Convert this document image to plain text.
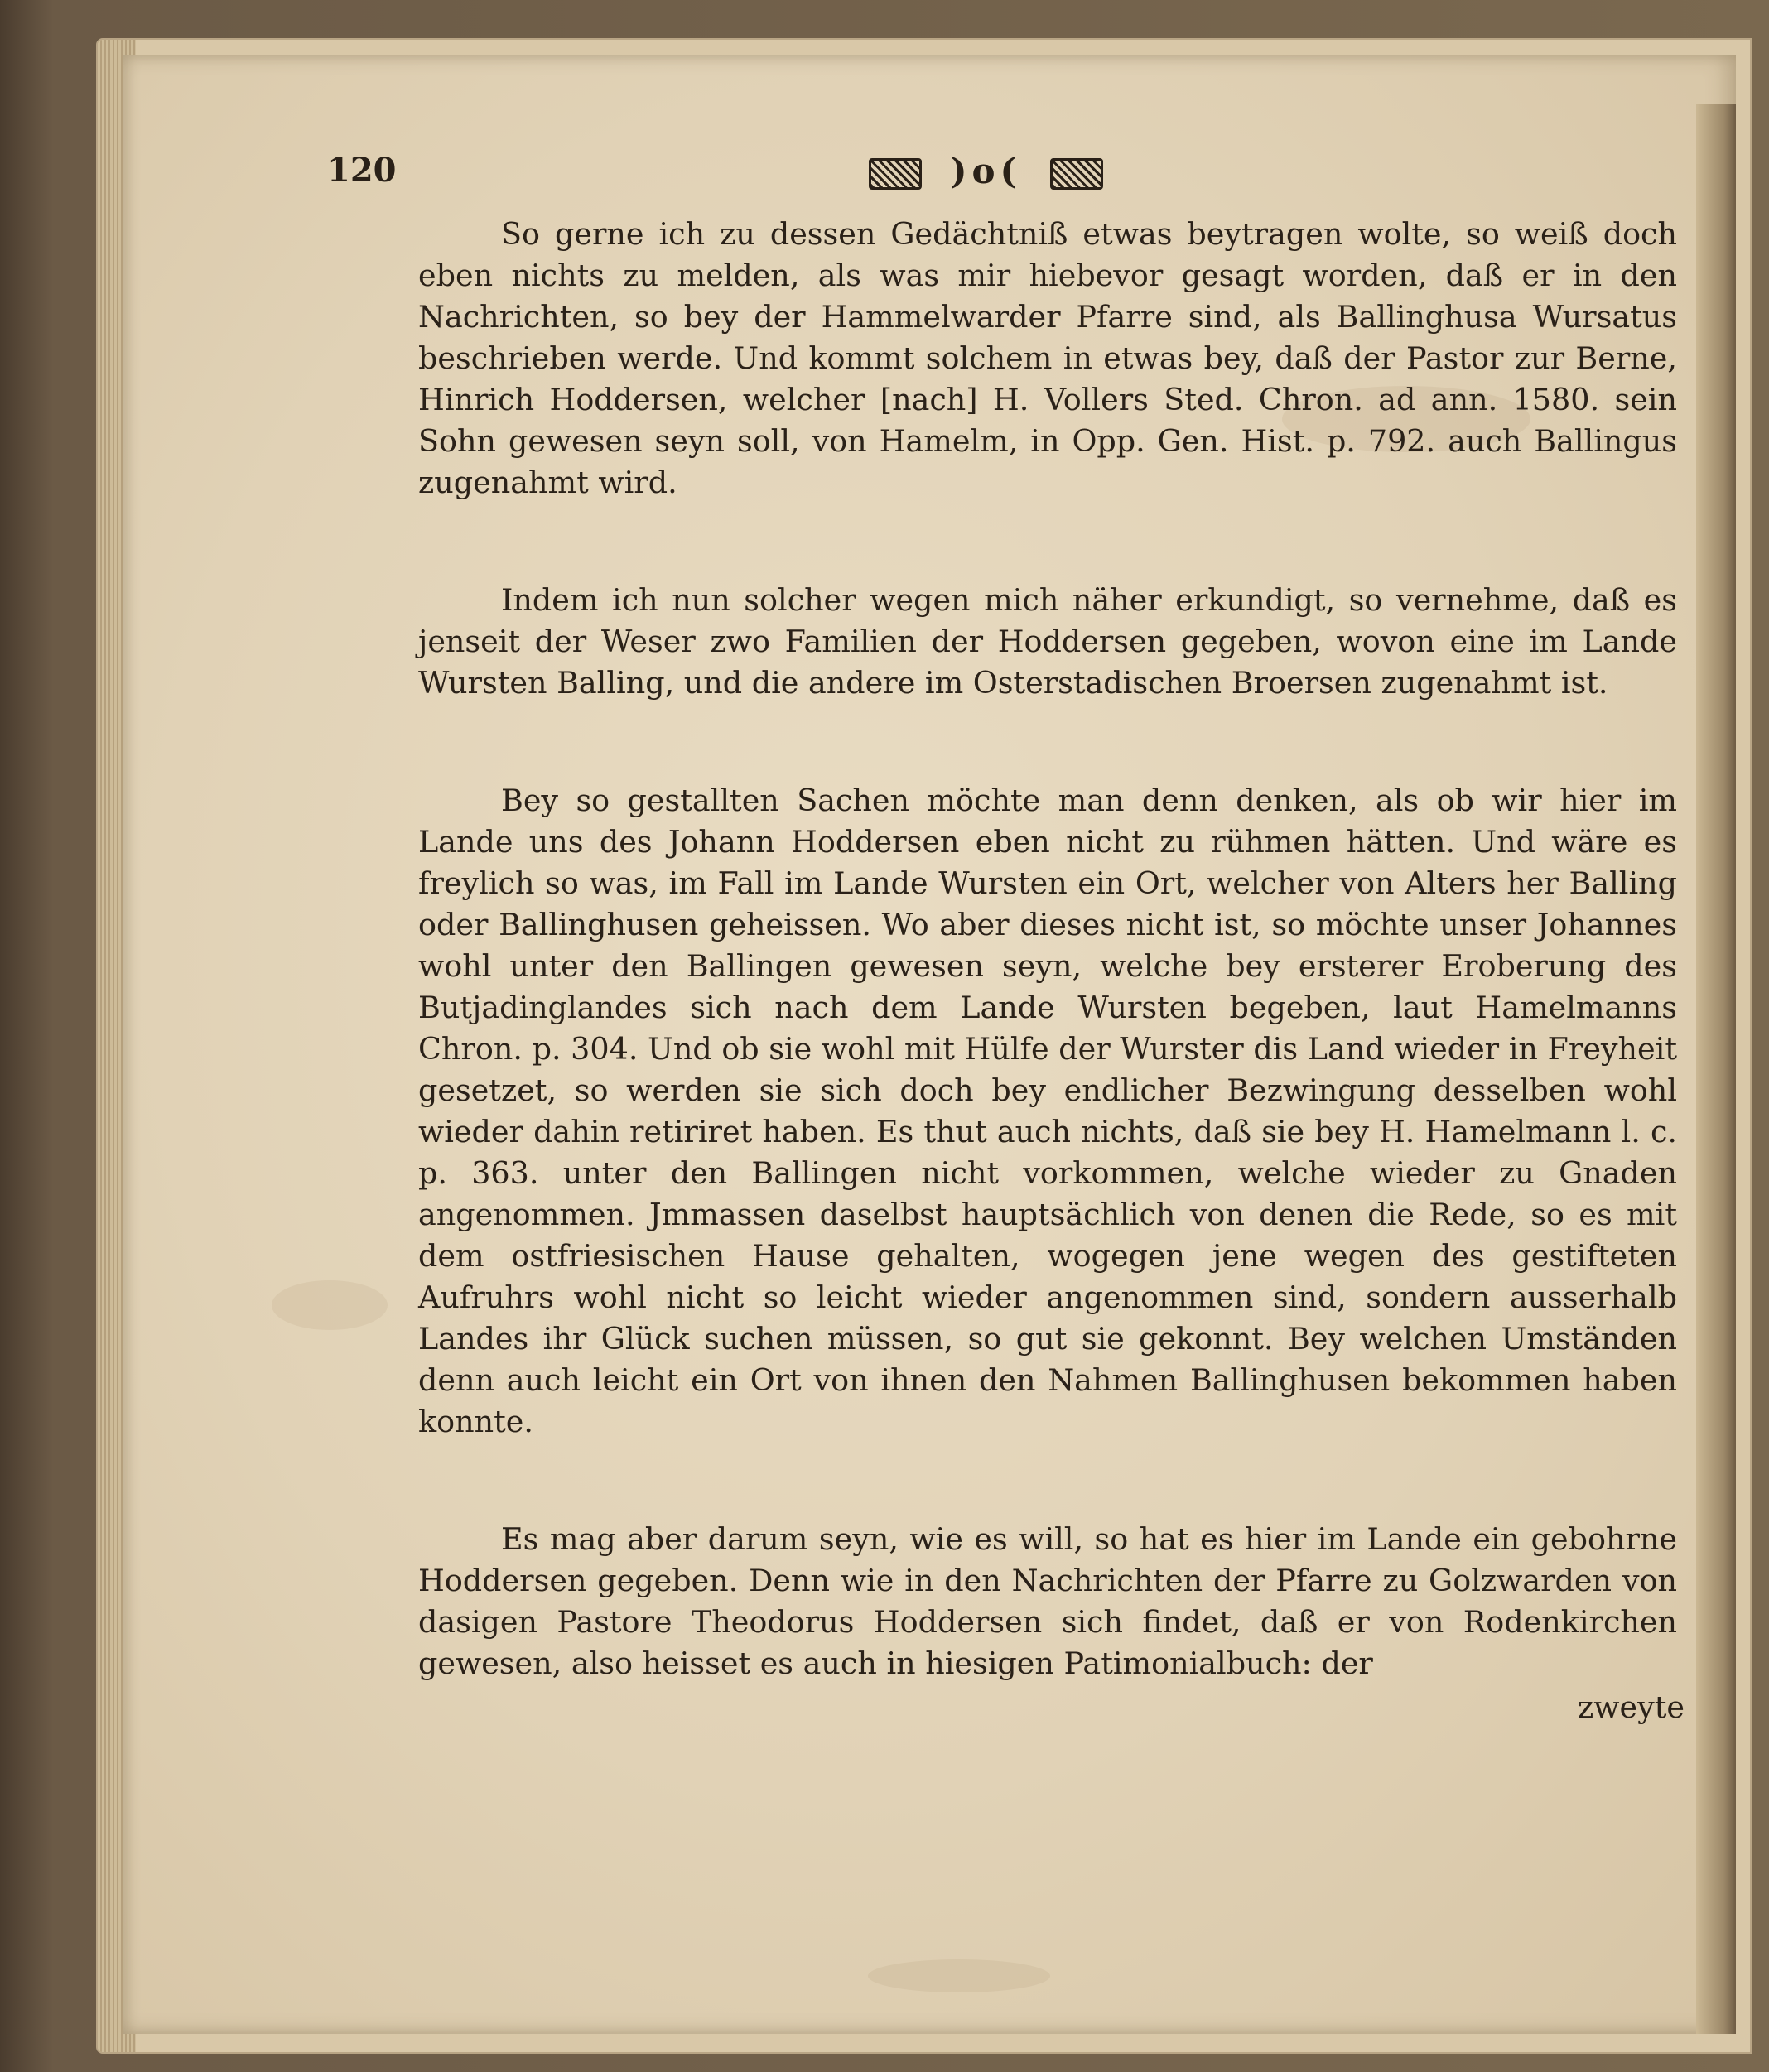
120	)o(

So gerne ich zu dessen Gedächtniß etwas beytragen wolte, so weiß doch eben nichts zu melden, als was mir hiebevor gesagt worden, daß er in den Nachrichten, so bey der Hammelwarder Pfarre sind, als Ballinghusa Wursatus beschrieben werde. Und kommt solchem in etwas bey, daß der Pastor zur Berne, Hinrich Hoddersen, welcher [nach] H. Vollers Sted. Chron. ad ann. 1580. sein Sohn gewesen seyn soll, von Hamelm, in Opp. Gen. Hist. p. 792. auch Ballingus zugenahmt wird.

Indem ich nun solcher wegen mich näher erkundigt, so vernehme, daß es jenseit der Weser zwo Familien der Hoddersen gegeben, wovon eine im Lande Wursten Balling, und die andere im Osterstadischen Broersen zugenahmt ist.

Bey so gestallten Sachen möchte man denn denken, als ob wir hier im Lande uns des Johann Hoddersen eben nicht zu rühmen hätten. Und wäre es freylich so was, im Fall im Lande Wursten ein Ort, welcher von Alters her Balling oder Ballinghusen geheissen. Wo aber dieses nicht ist, so möchte unser Johannes wohl unter den Ballingen gewesen seyn, welche bey ersterer Eroberung des Butjadinglandes sich nach dem Lande Wursten begeben, laut Hamelmanns Chron. p. 304. Und ob sie wohl mit Hülfe der Wurster dis Land wieder in Freyheit gesetzet, so werden sie sich doch bey endlicher Bezwingung desselben wohl wieder dahin retiriret haben. Es thut auch nichts, daß sie bey H. Hamelmann l. c. p. 363. unter den Ballingen nicht vorkommen, welche wieder zu Gnaden angenommen. Jmmassen daselbst hauptsächlich von denen die Rede, so es mit dem ostfriesischen Hause gehalten, wogegen jene wegen des gestifteten Aufruhrs wohl nicht so leicht wieder angenommen sind, sondern ausserhalb Landes ihr Glück suchen müssen, so gut sie gekonnt. Bey welchen Umständen denn auch leicht ein Ort von ihnen den Nahmen Ballinghusen bekommen haben konnte.

Es mag aber darum seyn, wie es will, so hat es hier im Lande ein gebohrne Hoddersen gegeben. Denn wie in den Nachrichten der Pfarre zu Golzwarden von dasigen Pastore Theodorus Hoddersen sich findet, daß er von Rodenkirchen gewesen, also heisset es auch in hiesigen Patimonialbuch: der

zweyte
